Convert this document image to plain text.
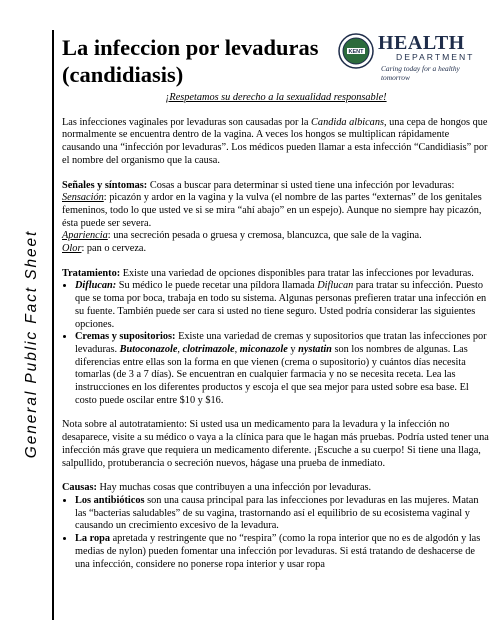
General Public Fact Sheet
La infeccion por levaduras
(candidiasis)
KENT HEALTH
DEPARTMENT
Caring today for a healthy tomorrow

¡Respetamos su derecho a la sexualidad responsable!

Las infecciones vaginales por levaduras son causadas por la Candida albicans, una cepa de hongos que normalmente se encuentra dentro de la vagina. A veces los hongos se multiplican rápidamente causando una “infección por levaduras”. Los médicos pueden llamar a esta infección “Candidiasis” por el nombre del organismo que la causa.

Señales y síntomas: Cosas a buscar para determinar si usted tiene una infección por levaduras:
Sensación: picazón y ardor en la vagina y la vulva (el nombre de las partes “externas” de los genitales femeninos, todo lo que usted ve si se mira “ahí abajo” en un espejo). Aunque no siempre hay picazón, ésta puede ser severa.
Apariencia: una secreción pesada o gruesa y cremosa, blancuzca, que sale de la vagina.
Olor: pan o cerveza.

Tratamiento: Existe una variedad de opciones disponibles para tratar las infecciones por levaduras.

• Diflucan: Su médico le puede recetar una píldora llamada Diflucan para tratar su infección. Puesto que se toma por boca, trabaja en todo su sistema. Algunas personas prefieren tratar una infección en su fuente. También puede ser cara si usted no tiene seguro. Usted podría considerar las siguientes opciones.
• Cremas y supositorios: Existe una variedad de cremas y supositorios que tratan las infecciones por levaduras. Butoconazole, clotrimazole, miconazole y nystatin son los nombres de algunas. Las diferencias entre ellas son la forma en que vienen (crema o supositorio) y cuántos días necesita tomarlas (de 3 a 7 días). Se encuentran en cualquier farmacia y no se necesita receta. Lea las instrucciones en los diferentes productos y escoja el que sea mejor para usted sobre esa base. El costo puede oscilar entre $10 y $16.

Nota sobre al autotratamiento: Si usted usa un medicamento para la levadura y la infección no desaparece, visite a su médico o vaya a la clínica para que le hagan más pruebas. Podría usted tener una infección más grave que requiera un medicamento diferente. ¡Escuche a su cuerpo! Si tiene una llaga, salpullido, protuberancia o secreción nuevos, hágase una prueba de inmediato.

Causas: Hay muchas cosas que contribuyen a una infección por levaduras.

• Los antibióticos son una causa principal para las infecciones por levaduras en las mujeres. Matan las “bacterias saludables” de su vagina, trastornando así el equilibrio de su ecosistema vaginal y causando un crecimiento excesivo de la levadura.
• La ropa apretada y restringente que no “respira” (como la ropa interior que no es de algodón y las medias de nylon) pueden fomentar una infección por levaduras. Si está tratando de deshacerse de una infección, considere no ponerse ropa interior y usar ropa
